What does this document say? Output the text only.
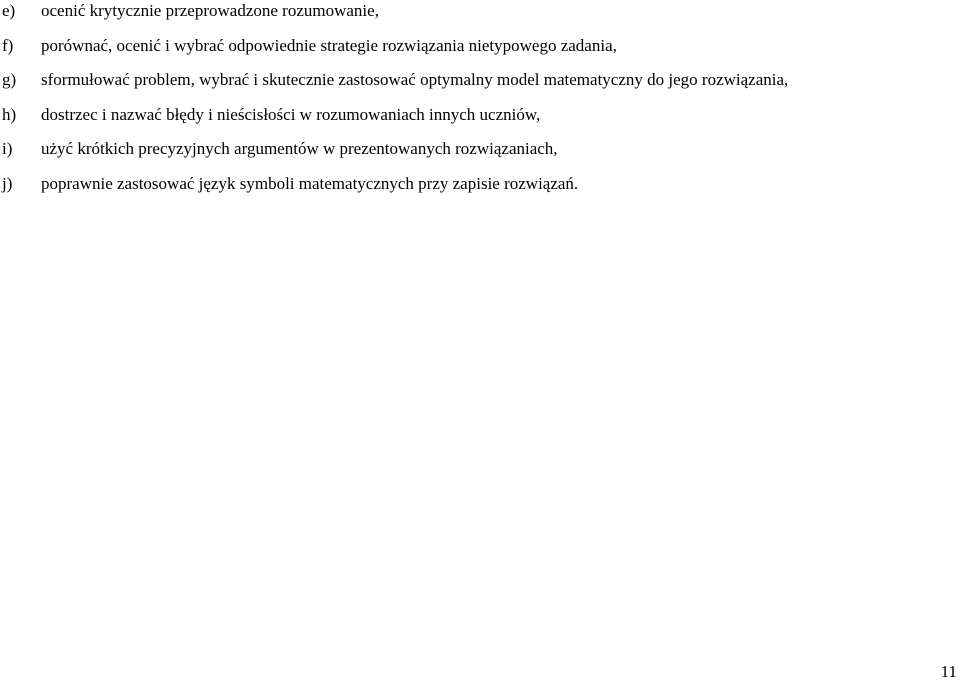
e) ocenić krytycznie przeprowadzone rozumowanie,
f) porównać, ocenić i wybrać odpowiednie strategie rozwiązania nietypowego zadania,
g) sformułować problem, wybrać i skutecznie zastosować optymalny model matematyczny do jego rozwiązania,
h) dostrzec i nazwać błędy i nieścisłości w rozumowaniach innych uczniów,
i) użyć krótkich precyzyjnych argumentów w prezentowanych rozwiązaniach,
j) poprawnie zastosować język symboli matematycznych przy zapisie rozwiązań.
11
